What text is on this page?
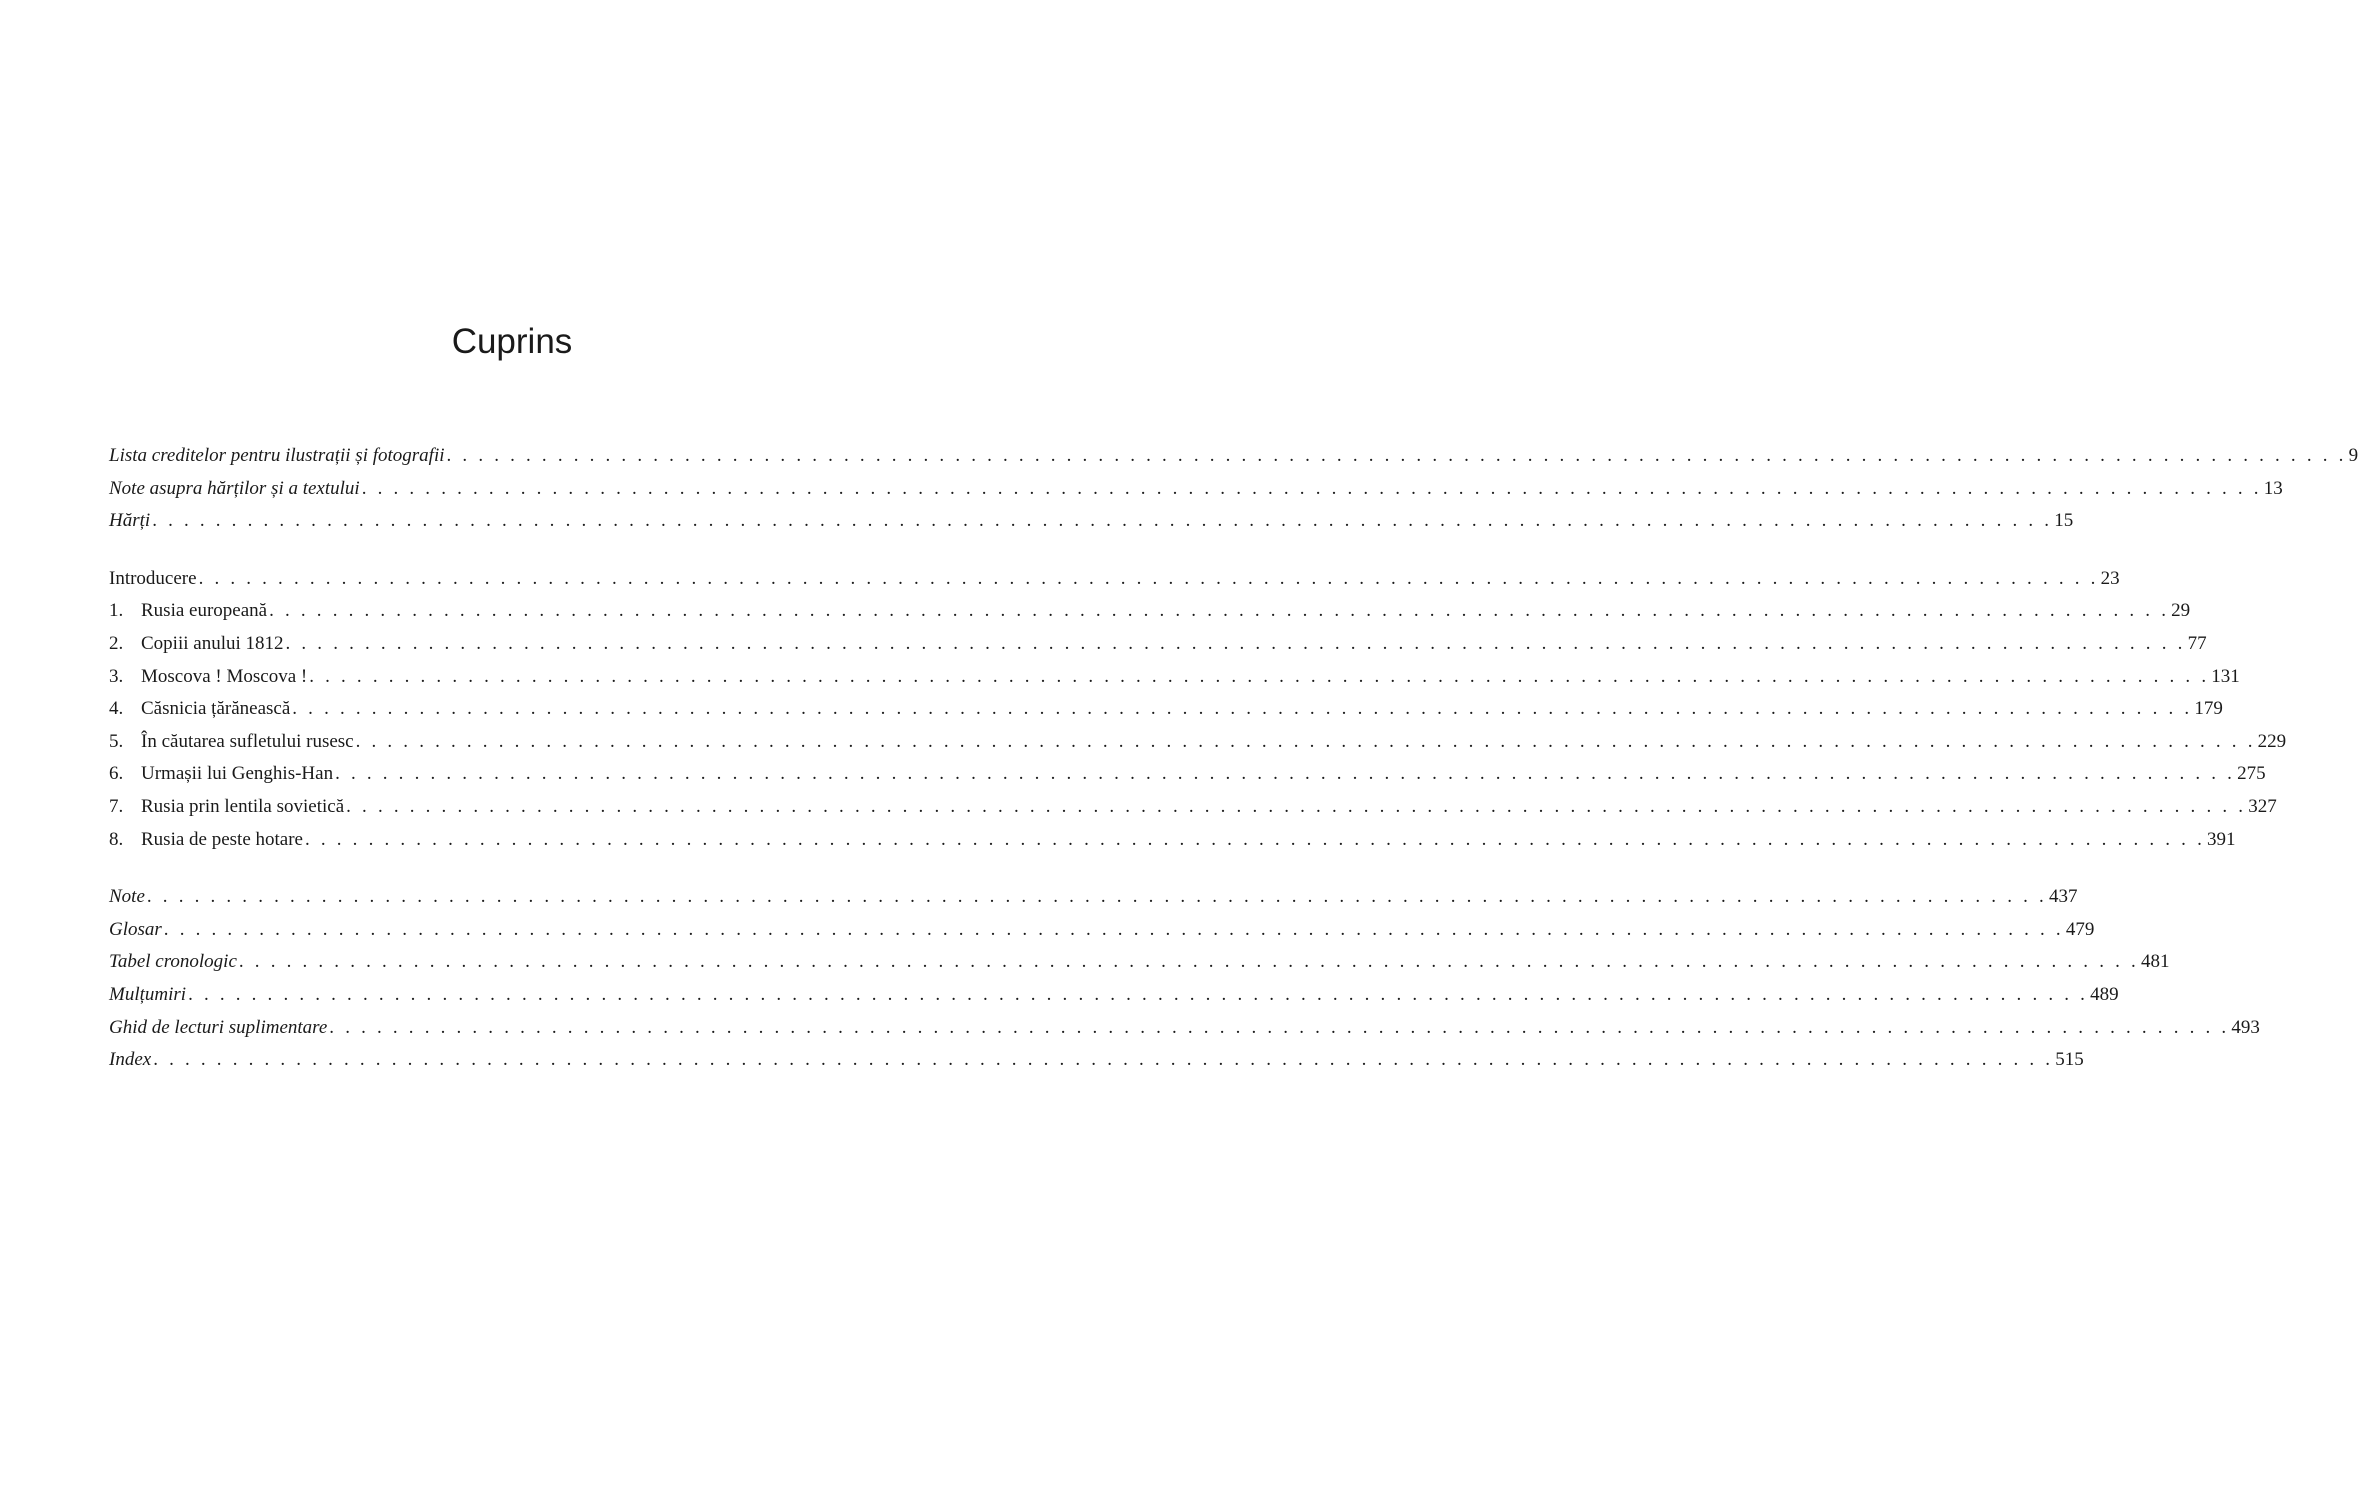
Cuprins
Lista creditelor pentru ilustrații și fotografii . . . . . . . . . . . . . . . . . . . . . . . . . . . . . . . . . . . . . . . . . . . . . . . . . . . . . . . . . . . . . . . . . . . . . . . . . . . . . . . . . . . . . . . . . . . . . . . . . . . . . . . . . . . . . . . . . . . . . . . . 9
Note asupra hărților și a textului . . . . . . . . . . . . . . . . . . . . . . . . . . . . . . . . . . . . . . . . . . . . . . . . . . . . . . . . . . . . . . . . . . . . . . . . . . . . . . . . . . . . . . . . . . . . . . . . . . . . . . . . . . . . . . . . . . . . . . . . 13
Hărți . . . . . . . . . . . . . . . . . . . . . . . . . . . . . . . . . . . . . . . . . . . . . . . . . . . . . . . . . . . . . . . . . . . . . . . . . . . . . . . . . . . . . . . . . . . . . . . . . . . . . . . . . . . . . . . . . . . . . . . . 15
Introducere . . . . . . . . . . . . . . . . . . . . . . . . . . . . . . . . . . . . . . . . . . . . . . . . . . . . . . . . . . . . . . . . . . . . . . . . . . . . . . . . . . . . . . . . . . . . . . . . . . . . . . . . . . . . . . . . . . . . . . . . 23
1. Rusia europeană . . . . . . . . . . . . . . . . . . . . . . . . . . . . . . . . . . . . . . . . . . . . . . . . . . . . . . . . . . . . . . . . . . . . . . . . . . . . . . . . . . . . . . . . . . . . . . . . . . . . . . . . . . . . . . . . . . . . . . . . 29
2. Copiii anului 1812 . . . . . . . . . . . . . . . . . . . . . . . . . . . . . . . . . . . . . . . . . . . . . . . . . . . . . . . . . . . . . . . . . . . . . . . . . . . . . . . . . . . . . . . . . . . . . . . . . . . . . . . . . . . . . . . . . . . . . . . . 77
3. Moscova ! Moscova ! . . . . . . . . . . . . . . . . . . . . . . . . . . . . . . . . . . . . . . . . . . . . . . . . . . . . . . . . . . . . . . . . . . . . . . . . . . . . . . . . . . . . . . . . . . . . . . . . . . . . . . . . . . . . . . . . . . . . . . . . 131
4. Căsnicia țărănească . . . . . . . . . . . . . . . . . . . . . . . . . . . . . . . . . . . . . . . . . . . . . . . . . . . . . . . . . . . . . . . . . . . . . . . . . . . . . . . . . . . . . . . . . . . . . . . . . . . . . . . . . . . . . . . . . . . . . . . . 179
5. În căutarea sufletului rusesc . . . . . . . . . . . . . . . . . . . . . . . . . . . . . . . . . . . . . . . . . . . . . . . . . . . . . . . . . . . . . . . . . . . . . . . . . . . . . . . . . . . . . . . . . . . . . . . . . . . . . . . . . . . . . . . . . . . . . . . . 229
6. Urmașii lui Genghis-Han . . . . . . . . . . . . . . . . . . . . . . . . . . . . . . . . . . . . . . . . . . . . . . . . . . . . . . . . . . . . . . . . . . . . . . . . . . . . . . . . . . . . . . . . . . . . . . . . . . . . . . . . . . . . . . . . . . . . . . . . 275
7. Rusia prin lentila sovietică . . . . . . . . . . . . . . . . . . . . . . . . . . . . . . . . . . . . . . . . . . . . . . . . . . . . . . . . . . . . . . . . . . . . . . . . . . . . . . . . . . . . . . . . . . . . . . . . . . . . . . . . . . . . . . . . . . . . . . . . 327
8. Rusia de peste hotare . . . . . . . . . . . . . . . . . . . . . . . . . . . . . . . . . . . . . . . . . . . . . . . . . . . . . . . . . . . . . . . . . . . . . . . . . . . . . . . . . . . . . . . . . . . . . . . . . . . . . . . . . . . . . . . . . . . . . . . . 391
Note . . . . . . . . . . . . . . . . . . . . . . . . . . . . . . . . . . . . . . . . . . . . . . . . . . . . . . . . . . . . . . . . . . . . . . . . . . . . . . . . . . . . . . . . . . . . . . . . . . . . . . . . . . . . . . . . . . . . . . . . 437
Glosar . . . . . . . . . . . . . . . . . . . . . . . . . . . . . . . . . . . . . . . . . . . . . . . . . . . . . . . . . . . . . . . . . . . . . . . . . . . . . . . . . . . . . . . . . . . . . . . . . . . . . . . . . . . . . . . . . . . . . . . . 479
Tabel cronologic . . . . . . . . . . . . . . . . . . . . . . . . . . . . . . . . . . . . . . . . . . . . . . . . . . . . . . . . . . . . . . . . . . . . . . . . . . . . . . . . . . . . . . . . . . . . . . . . . . . . . . . . . . . . . . . . . . . . . . . . 481
Mulțumiri . . . . . . . . . . . . . . . . . . . . . . . . . . . . . . . . . . . . . . . . . . . . . . . . . . . . . . . . . . . . . . . . . . . . . . . . . . . . . . . . . . . . . . . . . . . . . . . . . . . . . . . . . . . . . . . . . . . . . . . . 489
Ghid de lecturi suplimentare . . . . . . . . . . . . . . . . . . . . . . . . . . . . . . . . . . . . . . . . . . . . . . . . . . . . . . . . . . . . . . . . . . . . . . . . . . . . . . . . . . . . . . . . . . . . . . . . . . . . . . . . . . . . . . . . . . . . . . . . 493
Index . . . . . . . . . . . . . . . . . . . . . . . . . . . . . . . . . . . . . . . . . . . . . . . . . . . . . . . . . . . . . . . . . . . . . . . . . . . . . . . . . . . . . . . . . . . . . . . . . . . . . . . . . . . . . . . . . . . . . . . . 515
